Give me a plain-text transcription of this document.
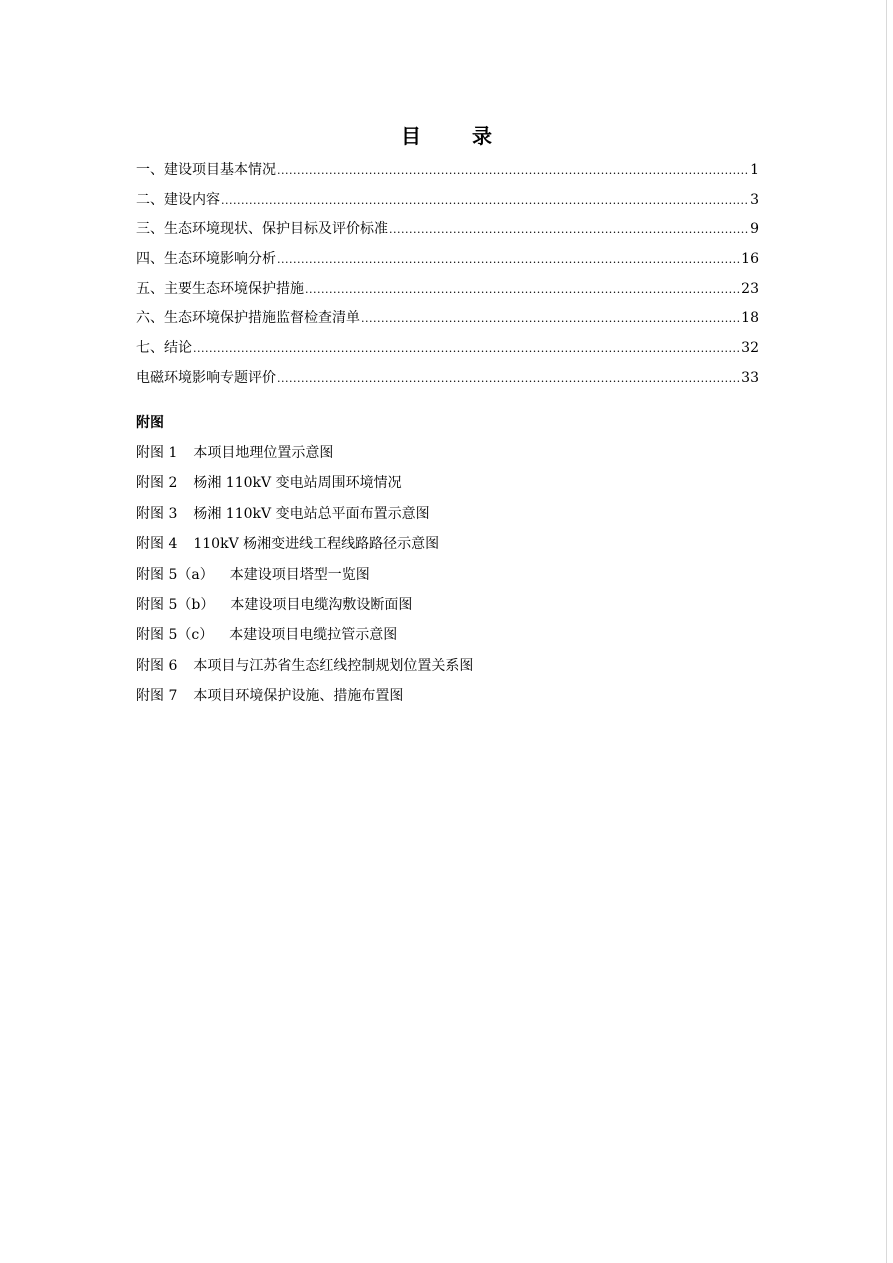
目 录
一、建设项目基本情况 .....	1
二、建设内容 .....	3
三、生态环境现状、保护目标及评价标准 .....	9
四、生态环境影响分析 .....	16
五、主要生态环境保护措施 .....	23
六、生态环境保护措施监督检查清单 .....	18
七、结论 .....	32
电磁环境影响专题评价 .....	33
附图
附图 1 本项目地理位置示意图
附图 2 杨湘 110kV 变电站周围环境情况
附图 3 杨湘 110kV 变电站总平面布置示意图
附图 4 110kV 杨湘变进线工程线路路径示意图
附图 5（a） 本建设项目塔型一览图
附图 5（b） 本建设项目电缆沟敷设断面图
附图 5（c） 本建设项目电缆拉管示意图
附图 6 本项目与江苏省生态红线控制规划位置关系图
附图 7 本项目环境保护设施、措施布置图
